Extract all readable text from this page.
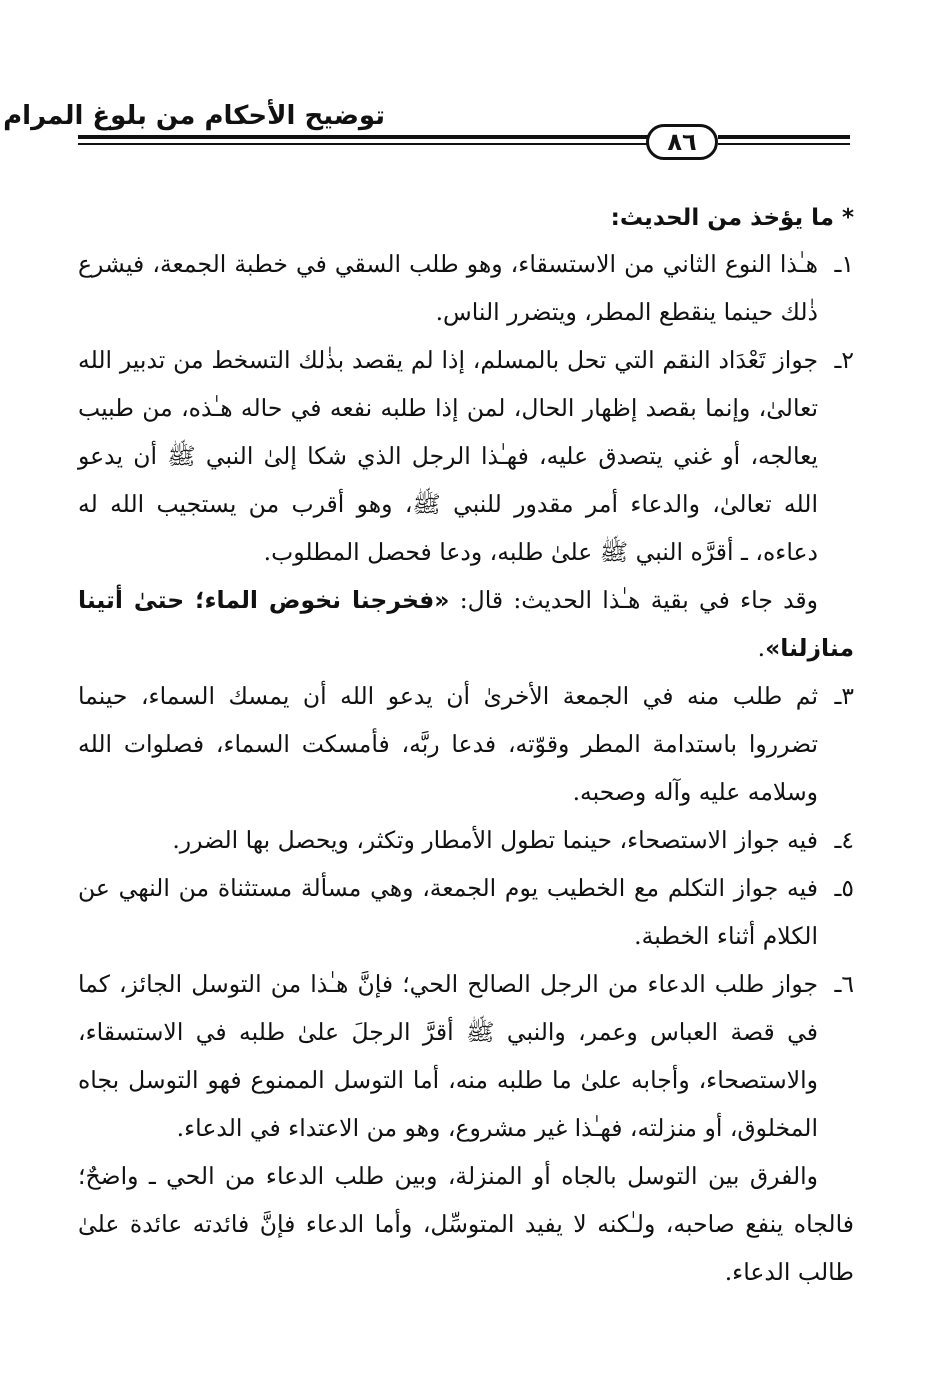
توضيح الأحكام من بلوغ المرام
٨٦

* ما يؤخذ من الحديث:

١ـ
هـٰذا النوع الثاني من الاستسقاء، وهو طلب السقي في خطبة الجمعة، فيشرع ذٰلك حينما ينقطع المطر، ويتضرر الناس.
٢ـ
جواز تَعْدَاد النقم التي تحل بالمسلم، إذا لم يقصد بذٰلك التسخط من تدبير الله تعالىٰ، وإنما بقصد إظهار الحال، لمن إذا طلبه نفعه في حاله هـٰذه، من طبيب يعالجه، أو غني يتصدق عليه، فهـٰذا الرجل الذي شكا إلىٰ النبي ﷺ أن يدعو الله تعالىٰ، والدعاء أمر مقدور للنبي ﷺ، وهو أقرب من يستجيب الله له دعاءه، ـ أقرَّه النبي ﷺ علىٰ طلبه، ودعا فحصل المطلوب.

وقد جاء في بقية هـٰذا الحديث: قال: «فخرجنا نخوض الماء؛ حتىٰ أتينا منازلنا».

٣ـ
ثم طلب منه في الجمعة الأخرىٰ أن يدعو الله أن يمسك السماء، حينما تضرروا باستدامة المطر وقوّته، فدعا ربَّه، فأمسكت السماء، فصلوات الله وسلامه عليه وآله وصحبه.
٤ـ
فيه جواز الاستصحاء، حينما تطول الأمطار وتكثر، ويحصل بها الضرر.
٥ـ
فيه جواز التكلم مع الخطيب يوم الجمعة، وهي مسألة مستثناة من النهي عن الكلام أثناء الخطبة.
٦ـ
جواز طلب الدعاء من الرجل الصالح الحي؛ فإنَّ هـٰذا من التوسل الجائز، كما في قصة العباس وعمر، والنبي ﷺ أقرَّ الرجلَ علىٰ طلبه في الاستسقاء، والاستصحاء، وأجابه علىٰ ما طلبه منه، أما التوسل الممنوع فهو التوسل بجاه المخلوق، أو منزلته، فهـٰذا غير مشروع، وهو من الاعتداء في الدعاء.

والفرق بين التوسل بالجاه أو المنزلة، وبين طلب الدعاء من الحي ـ واضحٌ؛ فالجاه ينفع صاحبه، ولـٰكنه لا يفيد المتوسِّل، وأما الدعاء فإنَّ فائدته عائدة علىٰ طالب الدعاء.
